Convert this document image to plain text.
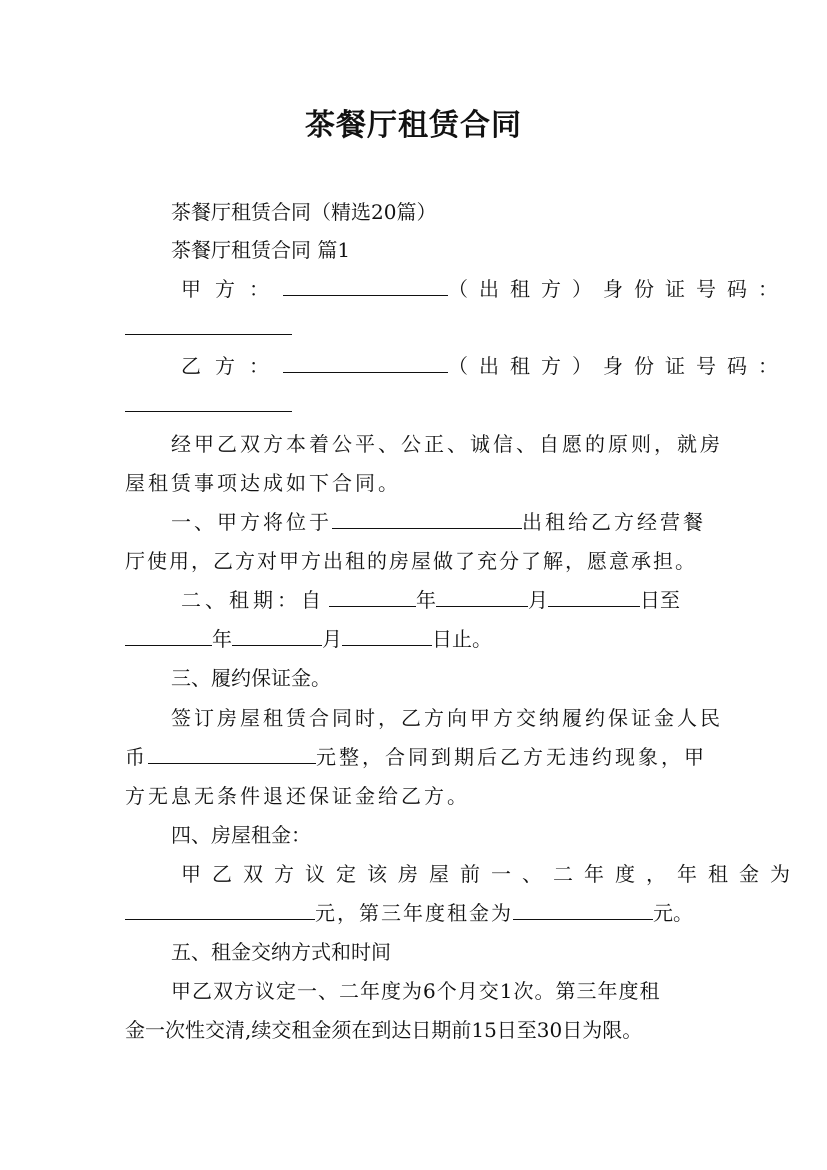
茶餐厅租赁合同
茶餐厅租赁合同（精选20篇）
茶餐厅租赁合同 篇1
甲方：	（出租方）身份证号码：
乙方：	（出租方）身份证号码：
经甲乙双方本着公平、公正、诚信、自愿的原则，就房
屋租赁事项达成如下合同。
一、甲方将位于	出租给乙方经营餐
厅使用，乙方对甲方出租的房屋做了充分了解，愿意承担。
二、租期：自	年	月	日至
年	月	日止。
三、履约保证金。
签订房屋租赁合同时，乙方向甲方交纳履约保证金人民
币	元整，合同到期后乙方无违约现象，甲
方无息无条件退还保证金给乙方。
四、房屋租金：
甲乙双方议定该房屋前一、二年度，年租金为
元，第三年度租金为	元。
五、租金交纳方式和时间
甲乙双方议定一、二年度为6个月交1次。第三年度租
金一次性交清,续交租金须在到达日期前15日至30日为限。
